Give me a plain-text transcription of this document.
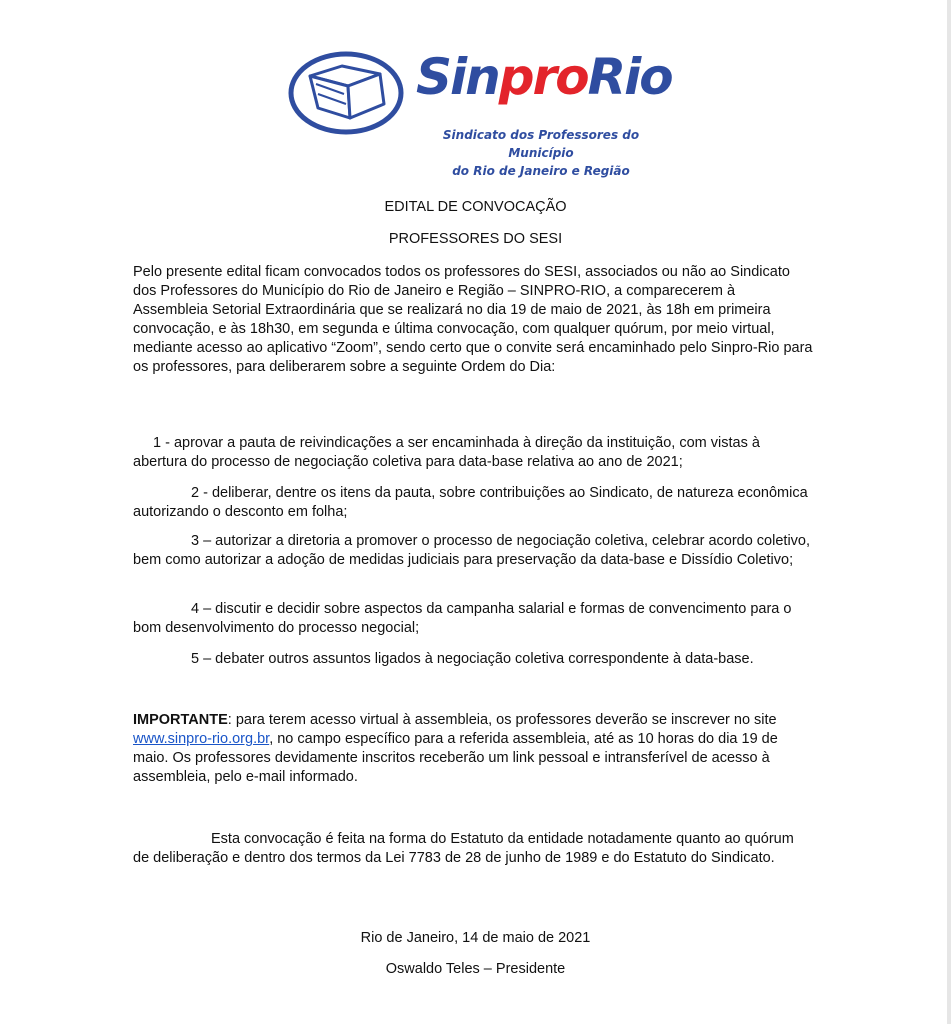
SinproRio
Sindicato dos Professores do Município
do Rio de Janeiro e Região
EDITAL DE CONVOCAÇÃO
PROFESSORES DO SESI

Pelo presente edital ficam convocados todos os professores do SESI, associados ou não ao Sindicato dos Professores do Município do Rio de Janeiro e Região – SINPRO-RIO, a comparecerem à Assembleia Setorial Extraordinária que se realizará no dia 19 de maio de 2021, às 18h em primeira convocação, e às 18h30, em segunda e última convocação, com qualquer quórum, por meio virtual, mediante acesso ao aplicativo “Zoom”, sendo certo que o convite será encaminhado pelo Sinpro-Rio para os professores, para deliberarem sobre a seguinte Ordem do Dia:

1 - aprovar a pauta de reivindicações a ser encaminhada à direção da instituição, com vistas à abertura do processo de negociação coletiva para data-base relativa ao ano de 2021;

2 - deliberar, dentre os itens da pauta, sobre contribuições ao Sindicato, de natureza econômica autorizando o desconto em folha;

3 – autorizar a diretoria a promover o processo de negociação coletiva, celebrar acordo coletivo, bem como autorizar a adoção de medidas judiciais para preservação da data-base e Dissídio Coletivo;

4 – discutir e decidir sobre aspectos da campanha salarial e formas de convencimento para o bom desenvolvimento do processo negocial;

5 – debater outros assuntos ligados à negociação coletiva correspondente à data-base.

IMPORTANTE: para terem acesso virtual à assembleia, os professores deverão se inscrever no site www.sinpro-rio.org.br, no campo específico para a referida assembleia, até as 10 horas do dia 19 de maio. Os professores devidamente inscritos receberão um link pessoal e intransferível de acesso à assembleia, pelo e-mail informado.

Esta convocação é feita na forma do Estatuto da entidade notadamente quanto ao quórum de deliberação e dentro dos termos da Lei 7783 de 28 de junho de 1989 e do Estatuto do Sindicato.

Rio de Janeiro, 14 de maio de 2021
Oswaldo Teles – Presidente
